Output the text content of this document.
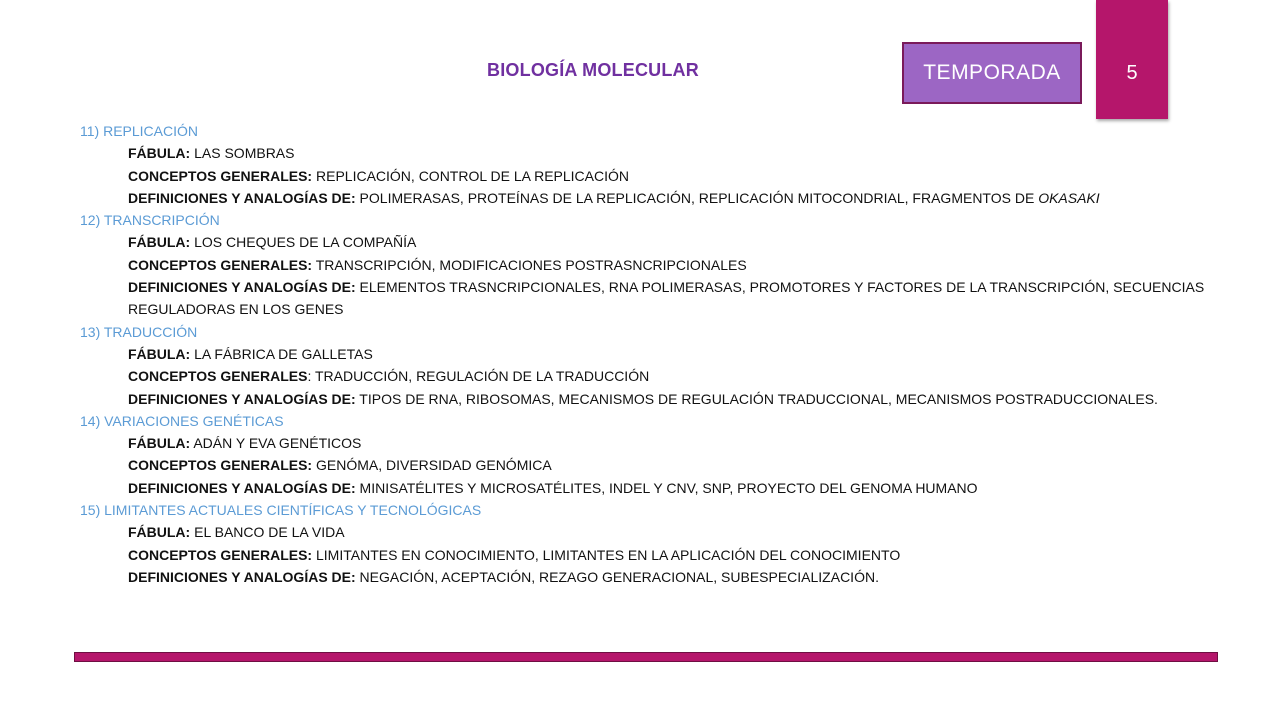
BIOLOGÍA MOLECULAR	TEMPORADA	5
11) REPLICACIÓN
FÁBULA: LAS SOMBRAS
CONCEPTOS GENERALES: REPLICACIÓN, CONTROL DE LA REPLICACIÓN
DEFINICIONES Y ANALOGÍAS DE: POLIMERASAS, PROTEÍNAS DE LA REPLICACIÓN, REPLICACIÓN MITOCONDRIAL, FRAGMENTOS DE OKASAKI
12) TRANSCRIPCIÓN
FÁBULA: LOS CHEQUES DE LA COMPAÑÍA
CONCEPTOS GENERALES: TRANSCRIPCIÓN, MODIFICACIONES POSTRASNCRIPCIONALES
DEFINICIONES Y ANALOGÍAS DE: ELEMENTOS TRASNCRIPCIONALES, RNA POLIMERASAS, PROMOTORES Y FACTORES DE LA TRANSCRIPCIÓN, SECUENCIAS
REGULADORAS EN LOS GENES
13) TRADUCCIÓN
FÁBULA: LA FÁBRICA DE GALLETAS
CONCEPTOS GENERALES: TRADUCCIÓN, REGULACIÓN DE LA TRADUCCIÓN
DEFINICIONES Y ANALOGÍAS DE: TIPOS DE RNA, RIBOSOMAS, MECANISMOS DE REGULACIÓN TRADUCCIONAL, MECANISMOS POSTRADUCCIONALES.
14) VARIACIONES GENÉTICAS
FÁBULA: ADÁN Y EVA GENÉTICOS
CONCEPTOS GENERALES: GENÓMA, DIVERSIDAD GENÓMICA
DEFINICIONES Y ANALOGÍAS DE: MINISATÉLITES Y MICROSATÉLITES, INDEL Y CNV, SNP, PROYECTO DEL GENOMA HUMANO
15) LIMITANTES ACTUALES CIENTÍFICAS Y TECNOLÓGICAS
FÁBULA: EL BANCO DE LA VIDA
CONCEPTOS GENERALES: LIMITANTES EN CONOCIMIENTO, LIMITANTES EN LA APLICACIÓN DEL CONOCIMIENTO
DEFINICIONES Y ANALOGÍAS DE: NEGACIÓN, ACEPTACIÓN, REZAGO GENERACIONAL, SUBESPECIALIZACIÓN.
